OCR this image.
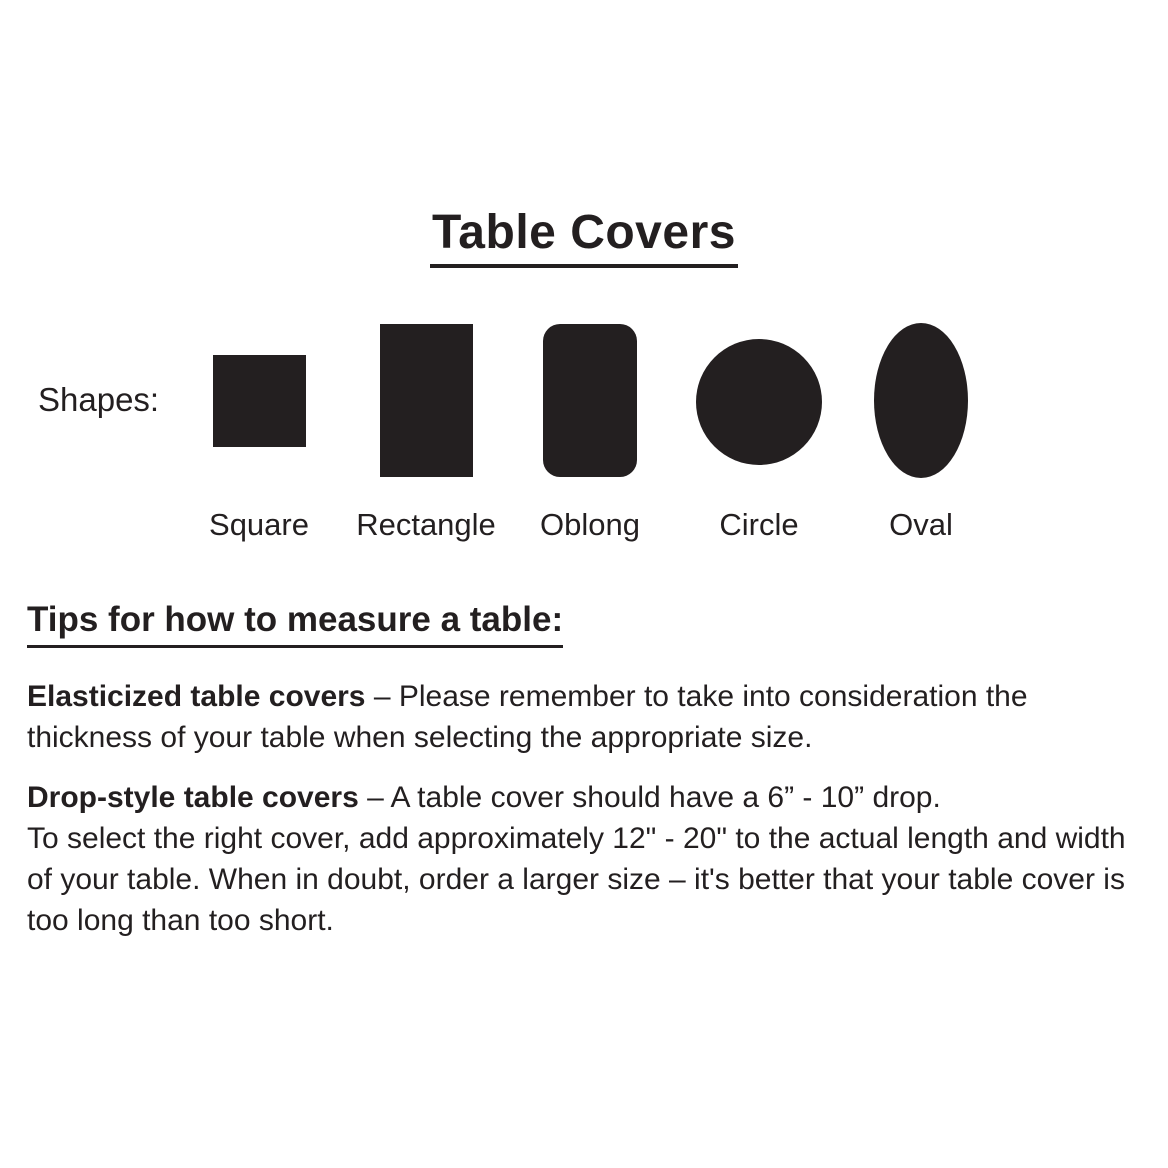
Table Covers
Shapes:
Square	Rectangle	Oblong	Circle	Oval
Tips for how to measure a table:

Elasticized table covers – Please remember to take into consideration the thickness of your table when selecting the appropriate size.

Drop-style table covers – A table cover should have a 6” - 10” drop.
To select the right cover, add approximately 12" - 20" to the actual length and width of your table. When in doubt, order a larger size – it's better that your table cover is too long than too short.
